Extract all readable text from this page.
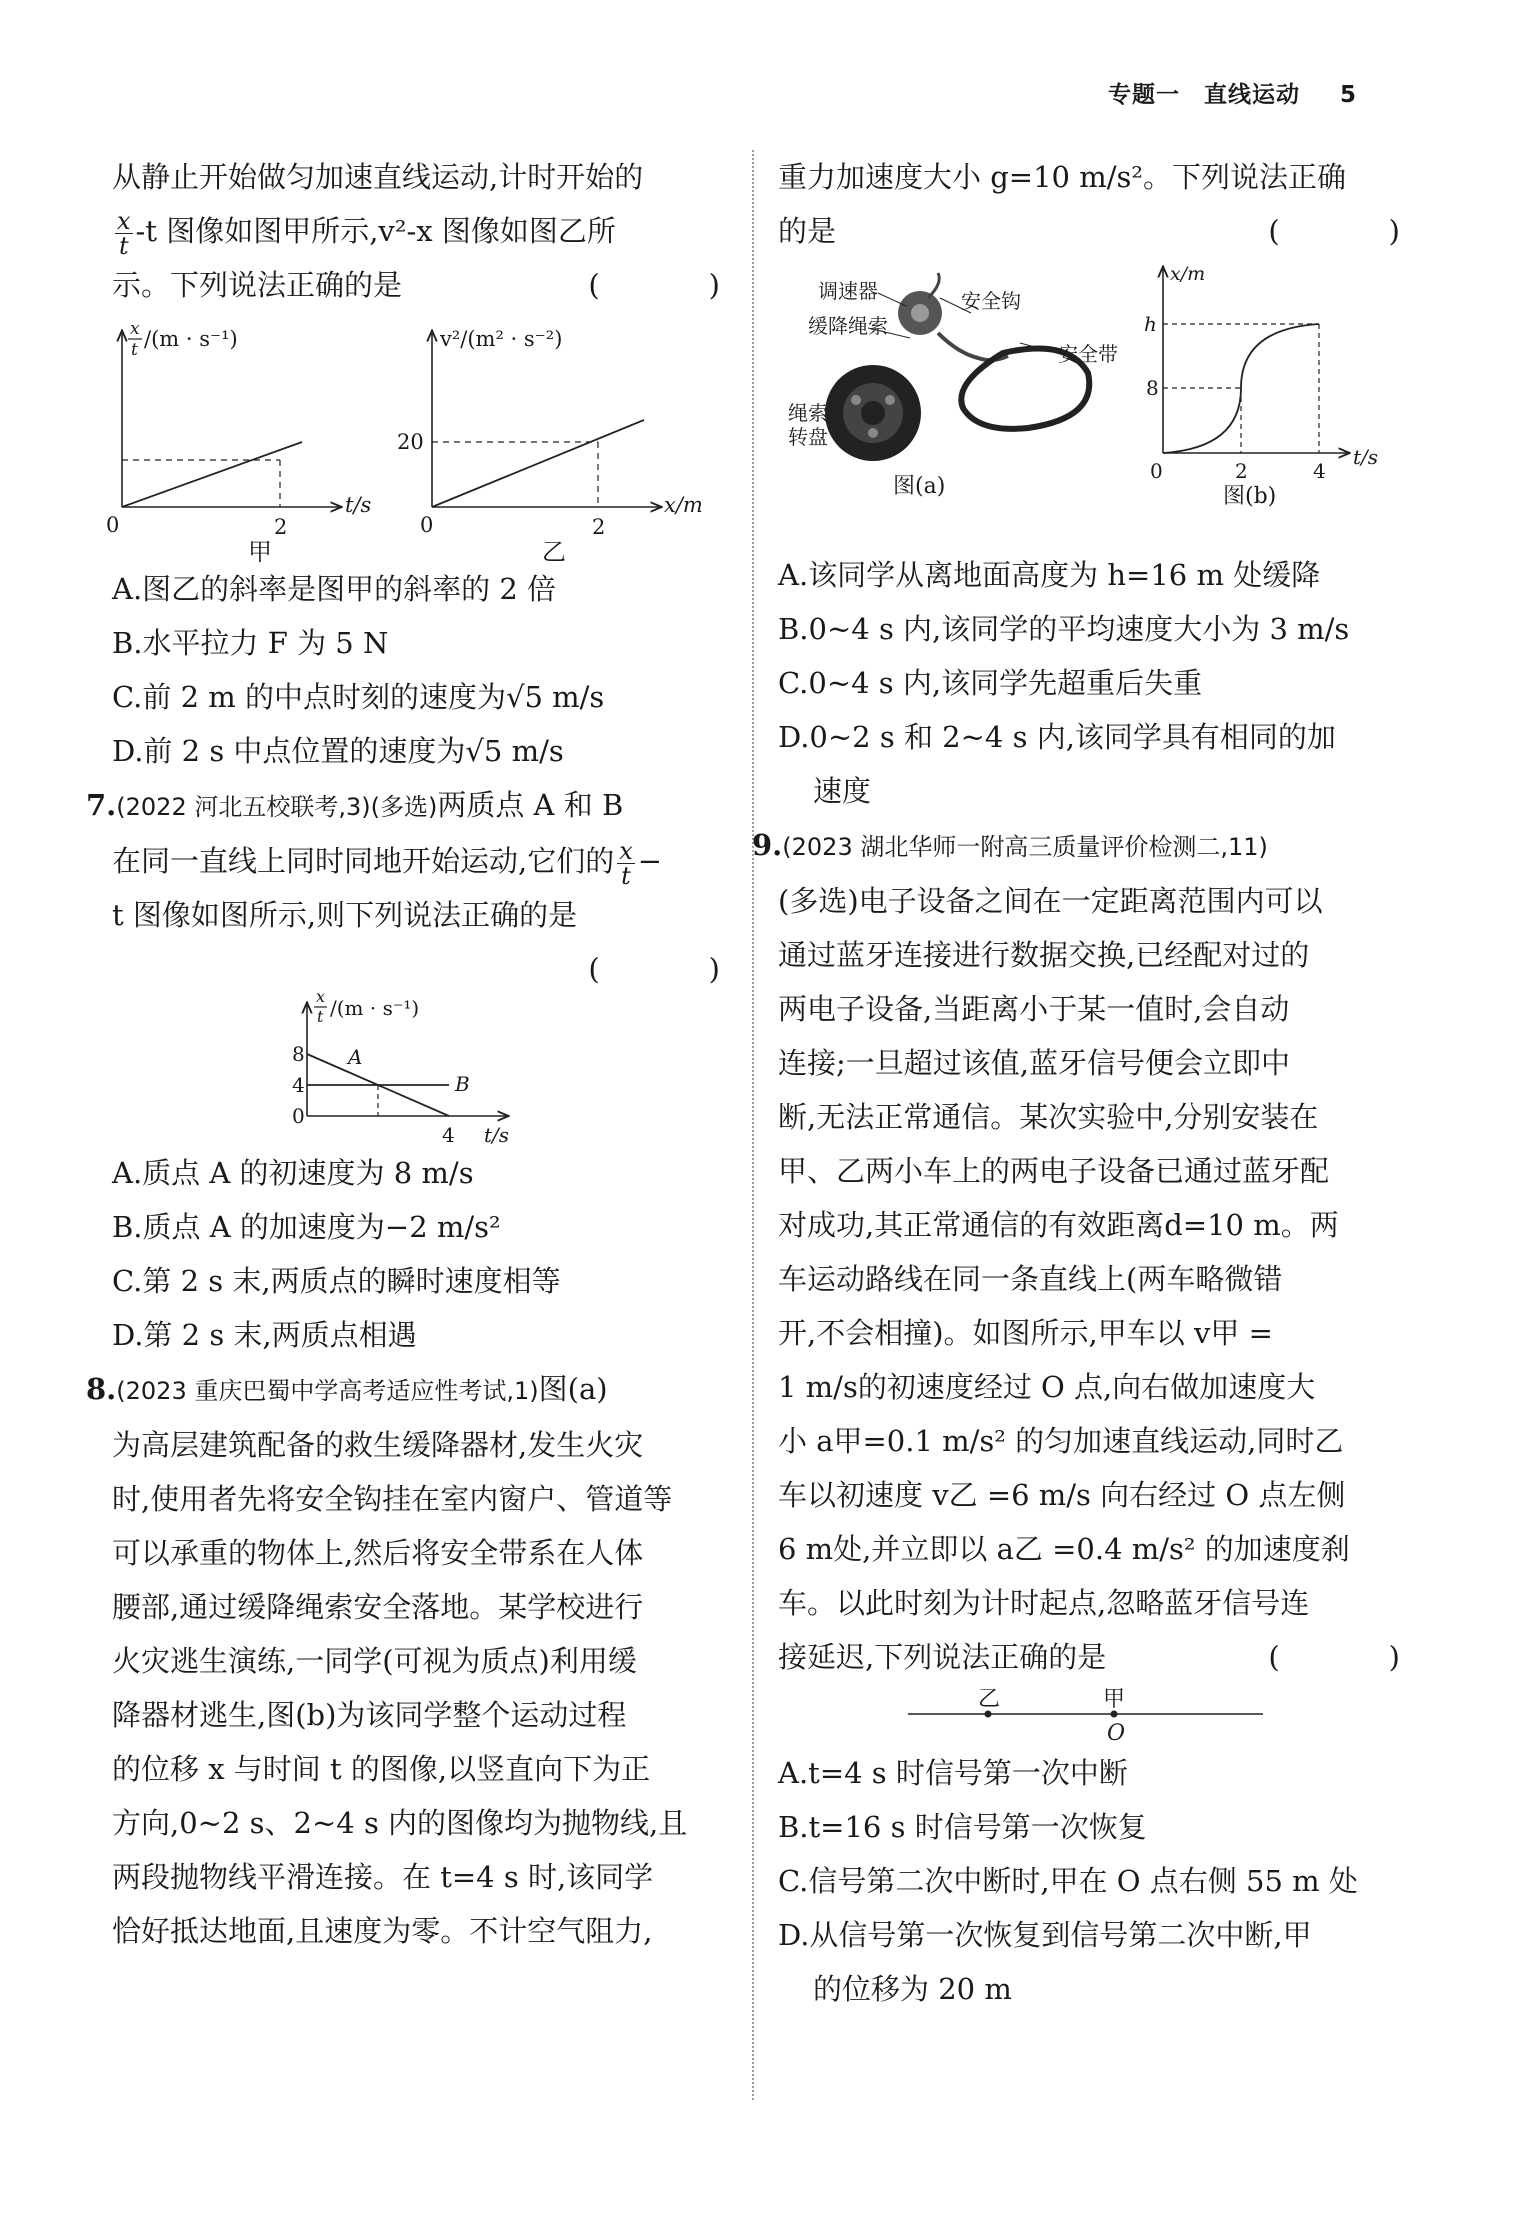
专题一　直线运动 5
从静止开始做匀加速直线运动,计时开始的
$\frac{x}{t} -t$ 图像如图甲所示,v²-x 图像如图乙所
示。下列说法正确的是	(　)
x
t /(m · s⁻¹)
t/s
2
0
甲
v²/(m² · s⁻²)
20
x/m
2
0
乙
A.图乙的斜率是图甲的斜率的 2 倍
B.水平拉力 F 为 5 N
C.前 2 m 的中点时刻的速度为√5 m/s
D.前 2 s 中点位置的速度为√5 m/s
7.(2022 河北五校联考,3)(多选)两质点 A 和 B
在同一直线上同时同地开始运动,它们的 $\frac{x}{t}$ −
t 图像如图所示,则下列说法正确的是
(　)

x
t /(m · s⁻¹)
8
4
0
4 t/s
A
B
A.质点 A 的初速度为 8 m/s
B.质点 A 的加速度为−2 m/s²
C.第 2 s 末,两质点的瞬时速度相等
D.第 2 s 末,两质点相遇
8.(2023 重庆巴蜀中学高考适应性考试,1)图(a)
为高层建筑配备的救生缓降器材,发生火灾
时,使用者先将安全钩挂在室内窗户、管道等
可以承重的物体上,然后将安全带系在人体
腰部,通过缓降绳索安全落地。某学校进行
火灾逃生演练,一同学(可视为质点)利用缓
降器材逃生,图(b)为该同学整个运动过程
的位移 x 与时间 t 的图像,以竖直向下为正
方向,0~2 s、2~4 s 内的图像均为抛物线,且
两段抛物线平滑连接。在 t=4 s 时,该同学
恰好抵达地面,且速度为零。不计空气阻力,
重力加速度大小 g=10 m/s²。下列说法正确
的是	(　)
调速器	安全钩
缓降绳索
安全带
绳索
转盘
图(a)
x/m
h
8
0	2	4
t/s
图(b)
A.该同学从离地面高度为 h=16 m 处缓降
B.0~4 s 内,该同学的平均速度大小为 3 m/s
C.0~4 s 内,该同学先超重后失重
D.0~2 s 和 2~4 s 内,该同学具有相同的加
速度
9.(2023 湖北华师一附高三质量评价检测二,11)
(多选)电子设备之间在一定距离范围内可以
通过蓝牙连接进行数据交换,已经配对过的
两电子设备,当距离小于某一值时,会自动
连接;一旦超过该值,蓝牙信号便会立即中
断,无法正常通信。某次实验中,分别安装在
甲、乙两小车上的两电子设备已通过蓝牙配
对成功,其正常通信的有效距离d=10 m。两
车运动路线在同一条直线上(两车略微错
开,不会相撞)。如图所示,甲车以 v甲 =
1 m/s的初速度经过 O 点,向右做加速度大
小 a甲=0.1 m/s² 的匀加速直线运动,同时乙
车以初速度 v乙 =6 m/s 向右经过 O 点左侧
6 m处,并立即以 a乙 =0.4 m/s² 的加速度刹
车。以此时刻为计时起点,忽略蓝牙信号连
接延迟,下列说法正确的是	(　)
乙	甲
O
A.t=4 s 时信号第一次中断
B.t=16 s 时信号第一次恢复
C.信号第二次中断时,甲在 O 点右侧 55 m 处
D.从信号第一次恢复到信号第二次中断,甲
的位移为 20 m
